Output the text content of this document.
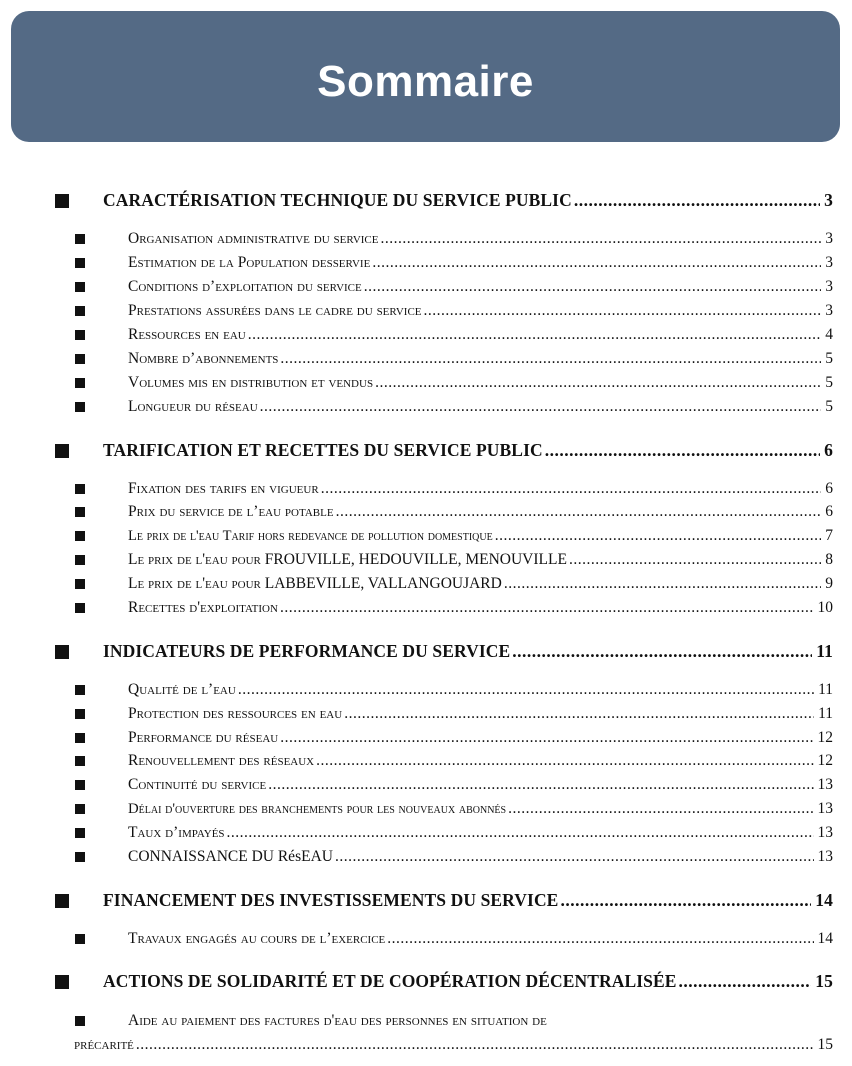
Sommaire
CARACTÉRISATION TECHNIQUE DU SERVICE PUBLIC .....	3
Organisation administrative du service .....	3
Estimation de la Population desservie .....	3
Conditions d’exploitation du service .....	3
Prestations assurées dans le cadre du service .....	3
Ressources en eau .....	4
Nombre d’abonnements .....	5
Volumes mis en distribution et vendus .....	5
Longueur du réseau .....	5
TARIFICATION ET RECETTES DU SERVICE PUBLIC .....	6
Fixation des tarifs en vigueur .....	6
Prix du service de l’eau potable .....	6
Le prix de l'eau Tarif hors redevance de pollution domestique .....	7
Le prix de l'eau pour FROUVILLE, HEDOUVILLE, MENOUVILLE .....	8
Le prix de l'eau pour LABBEVILLE, VALLANGOUJARD .....	9
Recettes d'exploitation .....	10
INDICATEURS DE PERFORMANCE DU SERVICE .....	11
Qualité de l’eau .....	11
Protection des ressources en eau .....	11
Performance du réseau .....	12
Renouvellement des réseaux .....	12
Continuité du service .....	13
Délai d'ouverture des branchements pour les nouveaux abonnés .....	13
Taux d’impayés .....	13
CONNAISSANCE DU RésEAU .....	13
FINANCEMENT DES INVESTISSEMENTS DU SERVICE .....	14
Travaux engagés au cours de l’exercice .....	14
ACTIONS DE SOLIDARITÉ ET DE COOPÉRATION DÉCENTRALISÉE .....	15
Aide au paiement des factures d'eau des personnes en situation de
précarité .....	15
